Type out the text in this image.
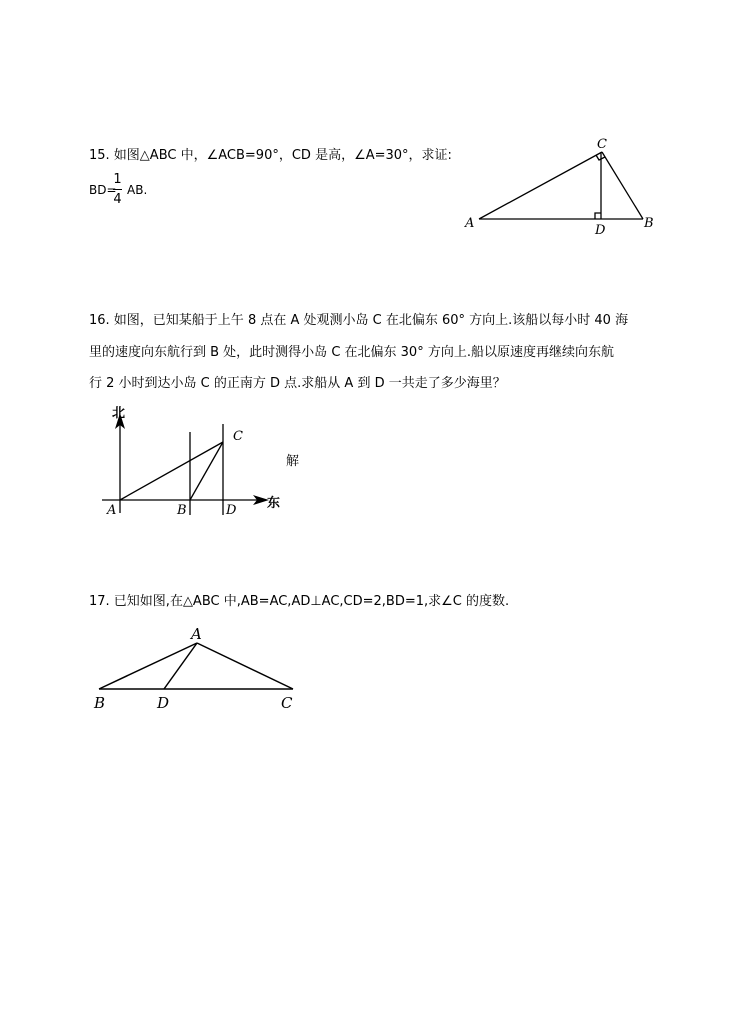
15. 如图△ABC 中，∠ACB=90°，CD 是高，∠A=30°，求证:
BD=
1
4
AB.
A	B
C
D
16. 如图，已知某船于上午 8 点在 A 处观测小岛 C 在北偏东 60° 方向上.该船以每小时 40 海
里的速度向东航行到 B 处，此时测得小岛 C 在北偏东 30° 方向上.船以原速度再继续向东航
行 2 小时到达小岛 C 的正南方 D 点.求船从 A 到 D 一共走了多少海里？
解
北
东
A	B
C
D
17. 已知如图,在△ABC 中,AB=AC,AD⊥AC,CD=2,BD=1,求∠C 的度数.
A
B	D	C
